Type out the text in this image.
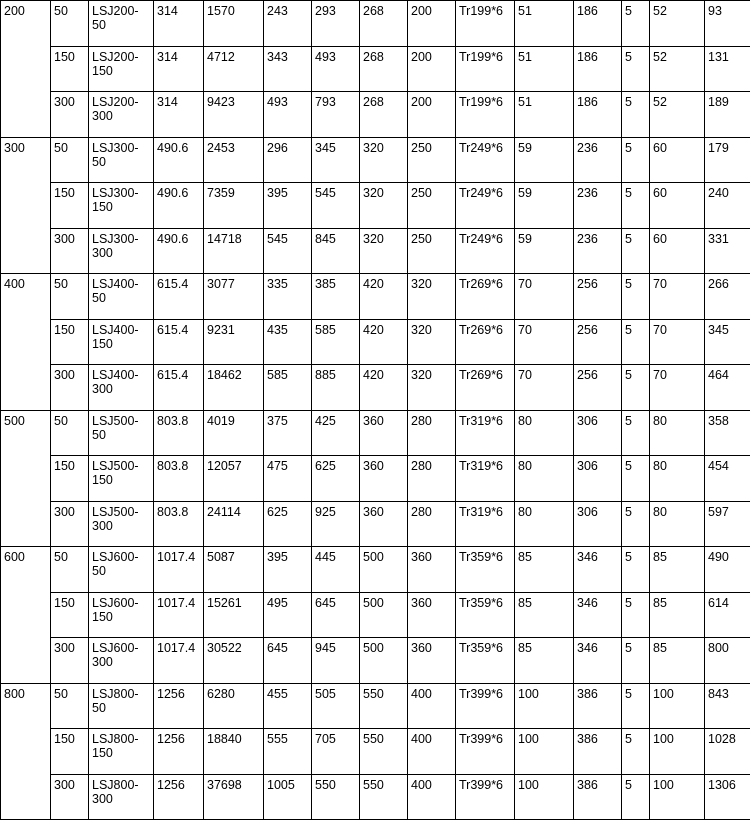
200	50	LSJ200-50	314	1570	243	293	268	200	Tr199*6	51	186	5	52	93
	150	LSJ200-150	314	4712	343	493	268	200	Tr199*6	51	186	5	52	131
	300	LSJ200-300	314	9423	493	793	268	200	Tr199*6	51	186	5	52	189
300	50	LSJ300-50	490.6	2453	296	345	320	250	Tr249*6	59	236	5	60	179
	150	LSJ300-150	490.6	7359	395	545	320	250	Tr249*6	59	236	5	60	240
	300	LSJ300-300	490.6	14718	545	845	320	250	Tr249*6	59	236	5	60	331
400	50	LSJ400-50	615.4	3077	335	385	420	320	Tr269*6	70	256	5	70	266
	150	LSJ400-150	615.4	9231	435	585	420	320	Tr269*6	70	256	5	70	345
	300	LSJ400-300	615.4	18462	585	885	420	320	Tr269*6	70	256	5	70	464
500	50	LSJ500-50	803.8	4019	375	425	360	280	Tr319*6	80	306	5	80	358
	150	LSJ500-150	803.8	12057	475	625	360	280	Tr319*6	80	306	5	80	454
	300	LSJ500-300	803.8	24114	625	925	360	280	Tr319*6	80	306	5	80	597
600	50	LSJ600-50	1017.4	5087	395	445	500	360	Tr359*6	85	346	5	85	490
	150	LSJ600-150	1017.4	15261	495	645	500	360	Tr359*6	85	346	5	85	614
	300	LSJ600-300	1017.4	30522	645	945	500	360	Tr359*6	85	346	5	85	800
800	50	LSJ800-50	1256	6280	455	505	550	400	Tr399*6	100	386	5	100	843
	150	LSJ800-150	1256	18840	555	705	550	400	Tr399*6	100	386	5	100	1028
	300	LSJ800-300	1256	37698	1005	550	550	400	Tr399*6	100	386	5	100	1306
